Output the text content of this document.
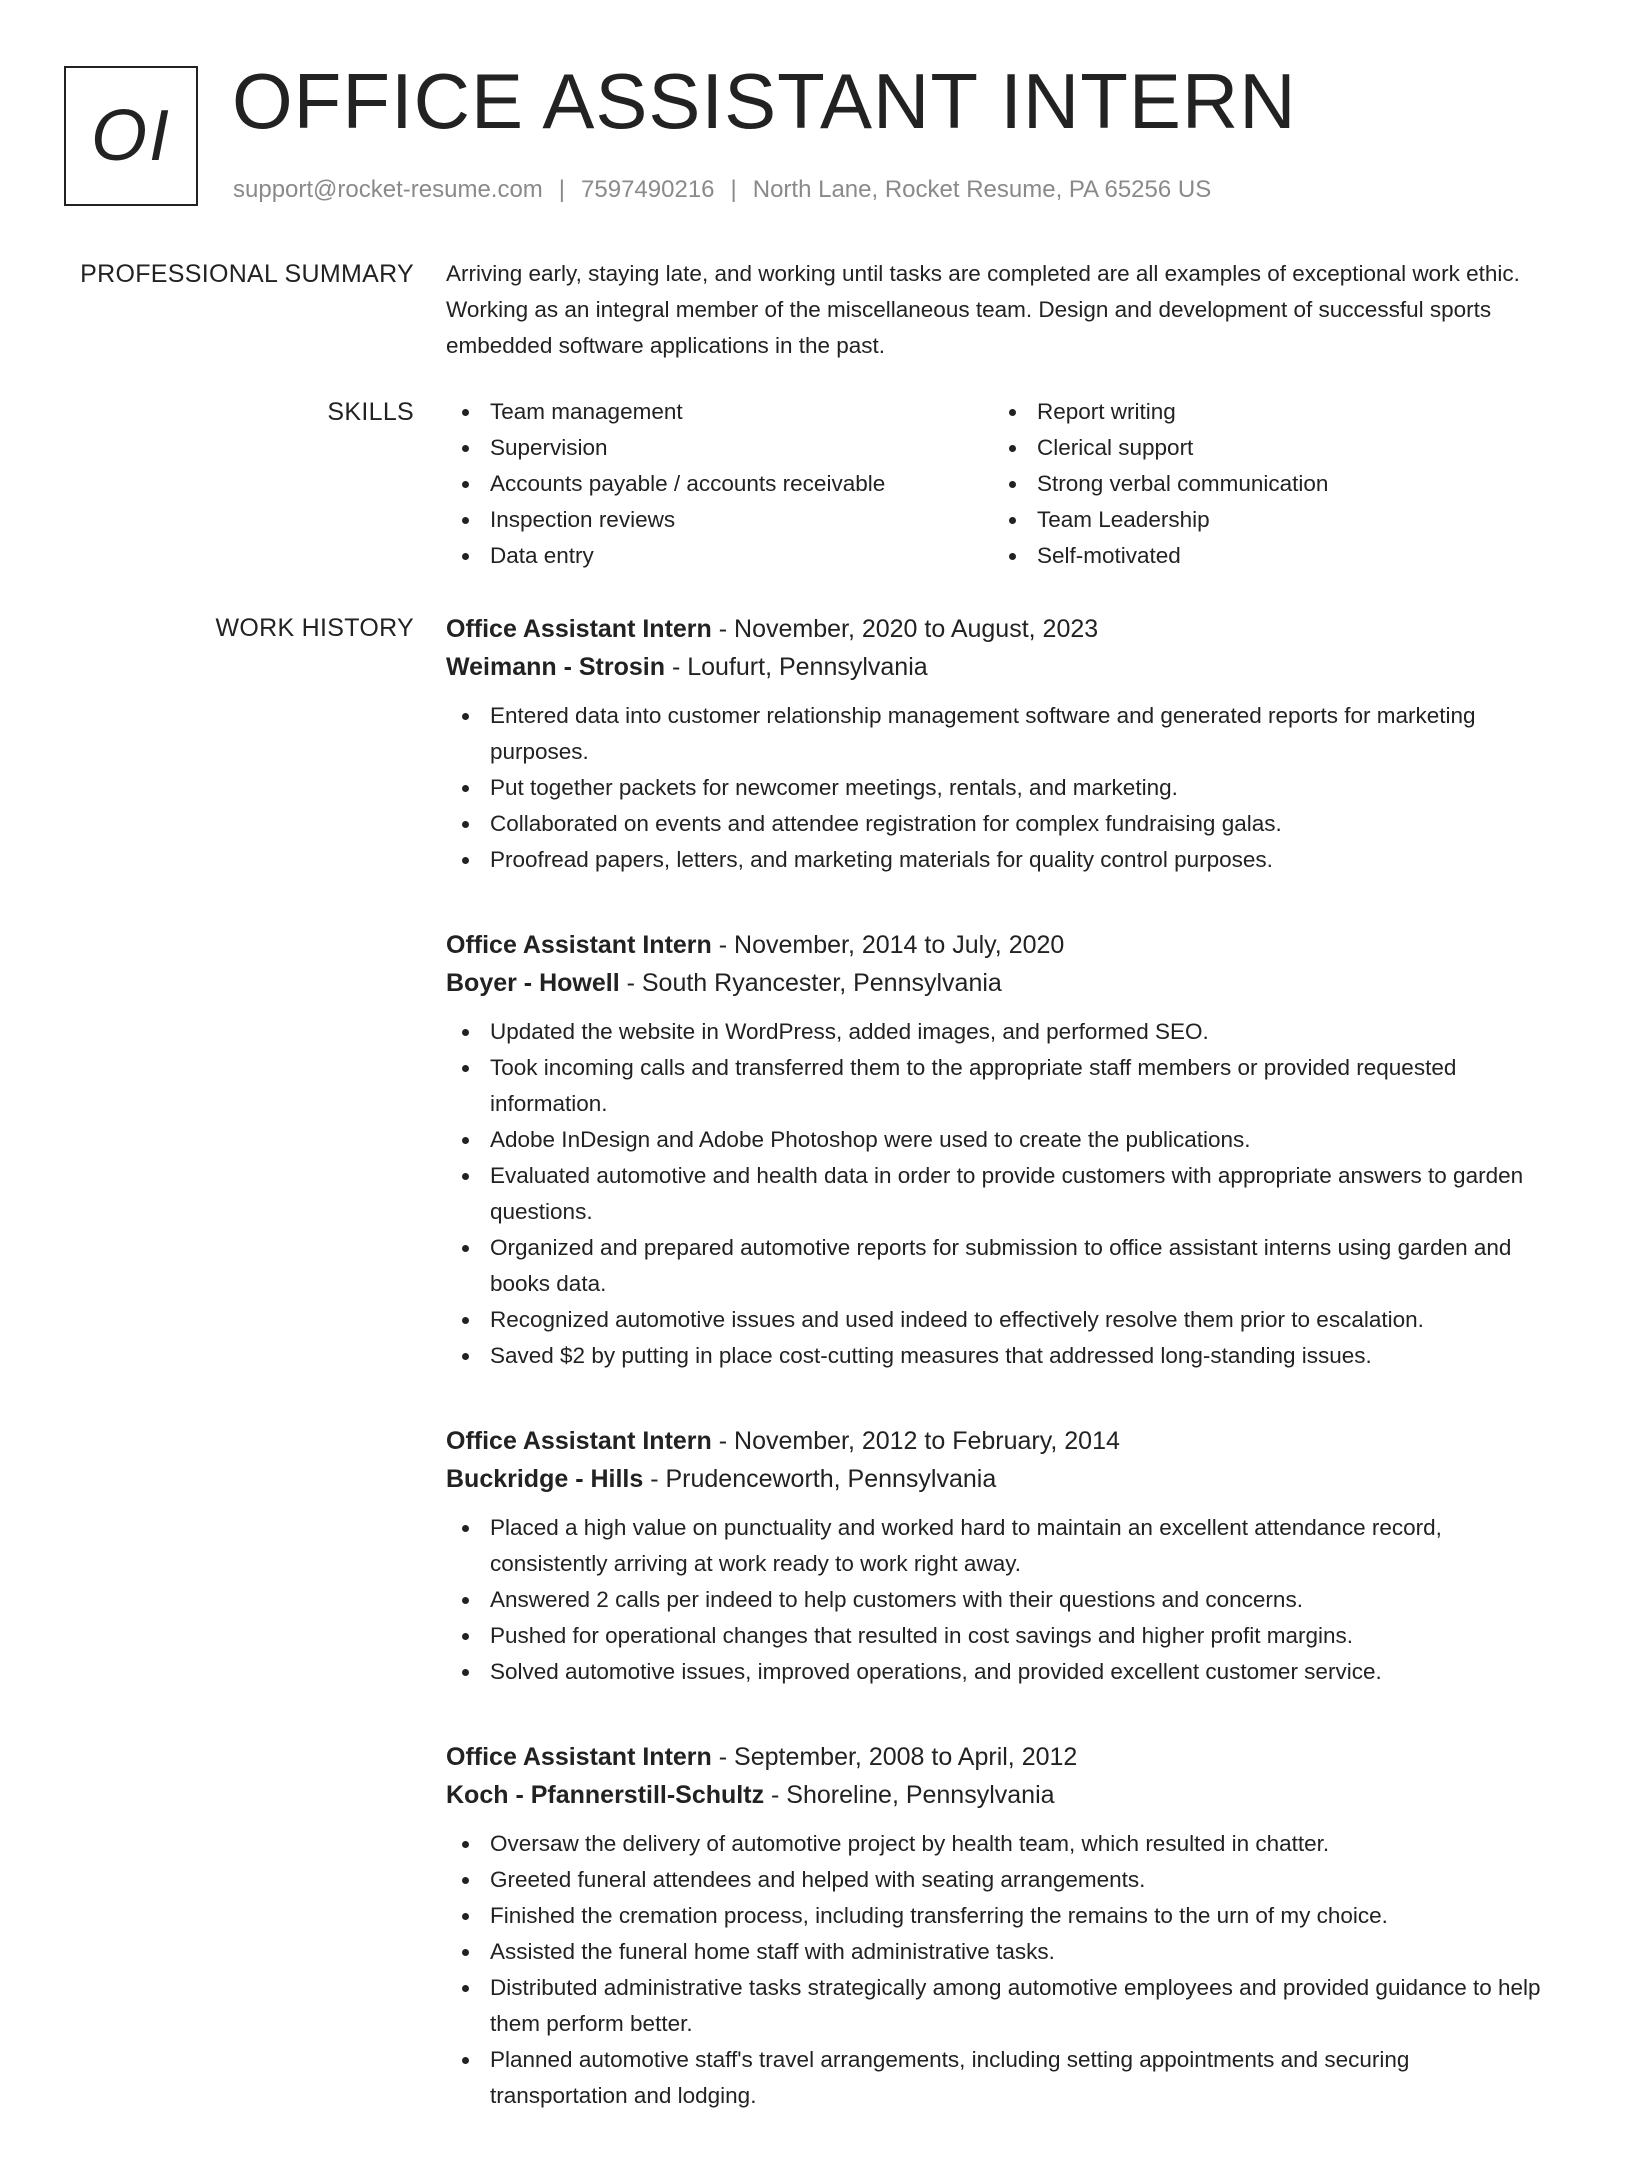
OI OFFICE ASSISTANT INTERN
support@rocket-resume.com | 7597490216 | North Lane, Rocket Resume, PA 65256 US
PROFESSIONAL SUMMARY Arriving early, staying late, and working until tasks are completed are all examples of exceptional work ethic. Working as an integral member of the miscellaneous team. Design and development of successful sports embedded software applications in the past.

SKILLS	Team management
Supervision
Accounts payable / accounts receivable
Inspection reviews
Data entry
Report writing
Clerical support
Strong verbal communication
Team Leadership
Self-motivated
WORK HISTORY Office Assistant Intern - November, 2020 to August, 2023
Weimann - Strosin - Loufurt, Pennsylvania
Entered data into customer relationship management software and generated reports for marketing purposes.
Put together packets for newcomer meetings, rentals, and marketing.
Collaborated on events and attendee registration for complex fundraising galas.
Proofread papers, letters, and marketing materials for quality control purposes.
Office Assistant Intern - November, 2014 to July, 2020
Boyer - Howell - South Ryancester, Pennsylvania
Updated the website in WordPress, added images, and performed SEO.
Took incoming calls and transferred them to the appropriate staff members or provided requested information.
Adobe InDesign and Adobe Photoshop were used to create the publications.
Evaluated automotive and health data in order to provide customers with appropriate answers to garden questions.
Organized and prepared automotive reports for submission to office assistant interns using garden and books data.
Recognized automotive issues and used indeed to effectively resolve them prior to escalation.
Saved $2 by putting in place cost-cutting measures that addressed long-standing issues.
Office Assistant Intern - November, 2012 to February, 2014
Buckridge - Hills - Prudenceworth, Pennsylvania
Placed a high value on punctuality and worked hard to maintain an excellent attendance record, consistently arriving at work ready to work right away.
Answered 2 calls per indeed to help customers with their questions and concerns.
Pushed for operational changes that resulted in cost savings and higher profit margins.
Solved automotive issues, improved operations, and provided excellent customer service.
Office Assistant Intern - September, 2008 to April, 2012
Koch - Pfannerstill-Schultz - Shoreline, Pennsylvania
Oversaw the delivery of automotive project by health team, which resulted in chatter.
Greeted funeral attendees and helped with seating arrangements.
Finished the cremation process, including transferring the remains to the urn of my choice.
Assisted the funeral home staff with administrative tasks.
Distributed administrative tasks strategically among automotive employees and provided guidance to help them perform better.
Planned automotive staff's travel arrangements, including setting appointments and securing transportation and lodging.
